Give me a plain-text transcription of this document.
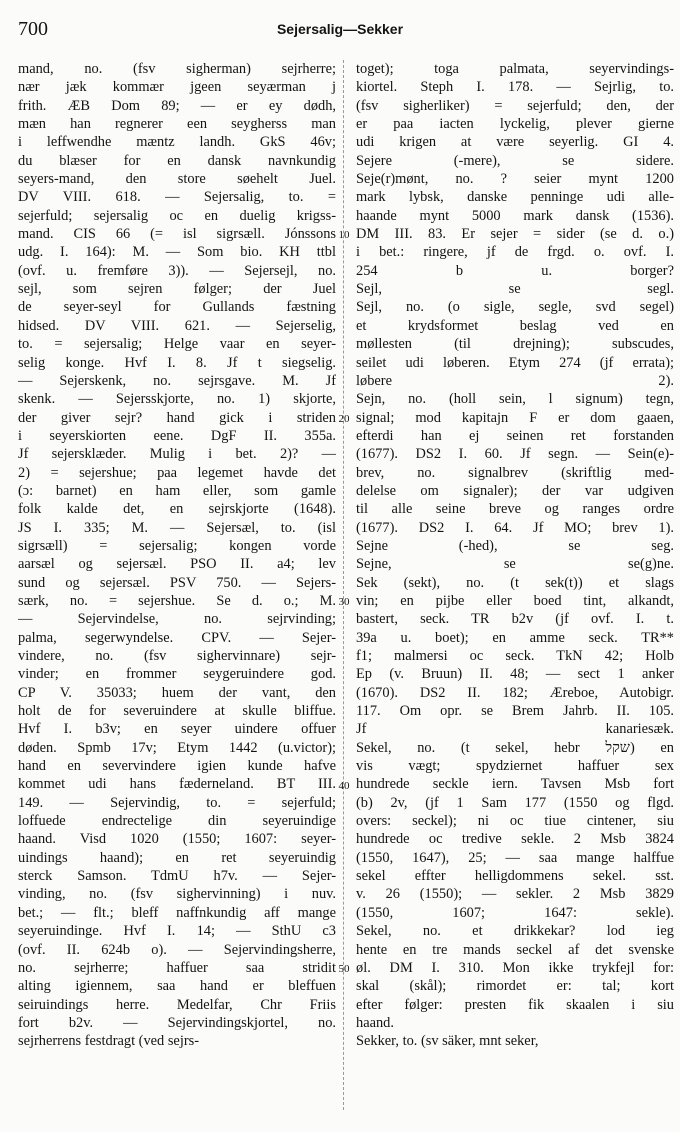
700	Sejersalig—Sekker
mand, no. (fsv sigherman) sejrherre;
nær jæk kommær jgeen seyærman j
frith. ÆB Dom 89; — er ey dødh,
mæn han regnerer een seygherss man
i leffwendhe mæntz landh. GkS 46v;
du blæser for en dansk navnkundig
seyers-mand, den store søehelt Juel.
DV VIII. 618. — Sejersalig, to. =
sejerfuld; sejersalig oc en duelig krigss-
mand. CIS 66 (= isl sigrsæll. Jónssons
udg. I. 164): M. — Som bio. KH ttbl
(ovf. u. fremføre 3)). — Sejersejl, no.
sejl, som sejren følger; der Juel
de seyer-seyl for Gullands fæstning
hidsed. DV VIII. 621. — Sejerselig,
to. = sejersalig; Helge vaar en seyer-
selig konge. Hvf I. 8. Jf t siegselig.
— Sejerskenk, no. sejrsgave. M. Jf
skenk. — Sejersskjorte, no. 1) skjorte,
der giver sejr? hand gick i striden
i seyerskiorten eene. DgF II. 355a.
Jf sejersklæder. Mulig i bet. 2)? —
2) = sejershue; paa legemet havde det
(ɔ: barnet) en ham eller, som gamle
folk kalde det, en sejrskjorte (1648).
JS I. 335; M. — Sejersæl, to. (isl
sigrsæll) = sejersalig; kongen vorde
aarsæl og sejersæl. PSO II. a4; lev
sund og sejersæl. PSV 750. — Sejers-
særk, no. = sejershue. Se d. o.; M.
— Sejervindelse, no. sejrvinding;
palma, segerwyndelse. CPV. — Sejer-
vindere, no. (fsv sighervinnare) sejr-
vinder; en frommer seygeruindere god.
CP V. 35033; huem der vant, den
holt de for severuindere at skulle bliffue.
Hvf I. b3v; en seyer uindere offuer
døden. Spmb 17v; Etym 1442 (u.victor);
hand en severvindere igien kunde hafve
kommet udi hans fæderneland. BT III.
149. — Sejervindig, to. = sejerfuld;
loffuede endrectelige din seyeruindige
haand. Visd 1020 (1550; 1607: seyer-
uindings haand); en ret seyeruindig
sterck Samson. TdmU h7v. — Sejer-
vinding, no. (fsv sighervinning) i nuv.
bet.; — flt.; bleff naffnkundig aff mange
seyeruindinge. Hvf I. 14; — SthU c3
(ovf. II. 624b o). — Sejervindingsherre,
no. sejrherre; haffuer saa stridit
alting igiennem, saa hand er bleffuen
seiruindings herre. Medelfar, Chr Friis
fort b2v. — Sejervindingskjortel, no.
sejrherrens festdragt (ved sejrs-
toget); toga palmata, seyervindings-
kiortel. Steph I. 178. — Sejrlig, to.
(fsv sigherliker) = sejerfuld; den, der
er paa iacten lyckelig, plever gierne
udi krigen at være seyerlig. GI 4.
Sejere (-mere), se sidere.
Seje(r)mønt, no. ? seier mynt 1200
mark lybsk, danske penninge udi alle-
haande mynt 5000 mark dansk (1536).
DM III. 83. Er sejer = sider (se d. o.)
i bet.: ringere, jf de frgd. o. ovf. I.
254 b u. borger?
Sejl, se segl.
Sejl, no. (o sigle, segle, svd segel)
et krydsformet beslag ved en
møllesten (til drejning); subscudes,
seilet udi løberen. Etym 274 (jf errata);
løbere 2).
Sejn, no. (holl sein, l signum) tegn,
signal; mod kapitajn F er dom gaaen,
efterdi han ej seinen ret forstanden
(1677). DS2 I. 60. Jf segn. — Sein(e)-
brev, no. signalbrev (skriftlig med-
delelse om signaler); der var udgiven
til alle seine breve og ranges ordre
(1677). DS2 I. 64. Jf MO; brev 1).
Sejne (-hed), se seg.
Sejne, se se(g)ne.
Sek (sekt), no. (t sek(t)) et slags
vin; en pijbe eller boed tint, alkandt,
bastert, seck. TR b2v (jf ovf. I. t.
39a u. boet); en amme seck. TR**
f1; malmersi oc seck. TkN 42; Holb
Ep (v. Bruun) II. 48; — sect 1 anker
(1670). DS2 II. 182; Æreboe, Autobigr.
117. Om opr. se Brem Jahrb. II. 105.
Jf kanariesæk.
Sekel, no. (t sekel, hebr שקל) en
vis vægt; spydziernet haffuer sex
hundrede seckle iern. Tavsen Msb fort
(b) 2v, (jf 1 Sam 177 (1550 og flgd.
overs: seckel); ni oc tiue cintener, siu
hundrede oc tredive sekle. 2 Msb 3824
(1550, 1647), 25; — saa mange halffue
sekel effter helligdommens sekel. sst.
v. 26 (1550); — sekler. 2 Msb 3829
(1550, 1607; 1647: sekle).
Sekel, no. et drikkekar? lod ieg
hente en tre mands seckel af det svenske
øl. DM I. 310. Mon ikke trykfejl for:
skal (skål); rimordet er: tal; kort
efter følger: presten fik skaalen i siu
haand.
Sekker, to. (sv säker, mnt seker,
10
20
30
40
50
